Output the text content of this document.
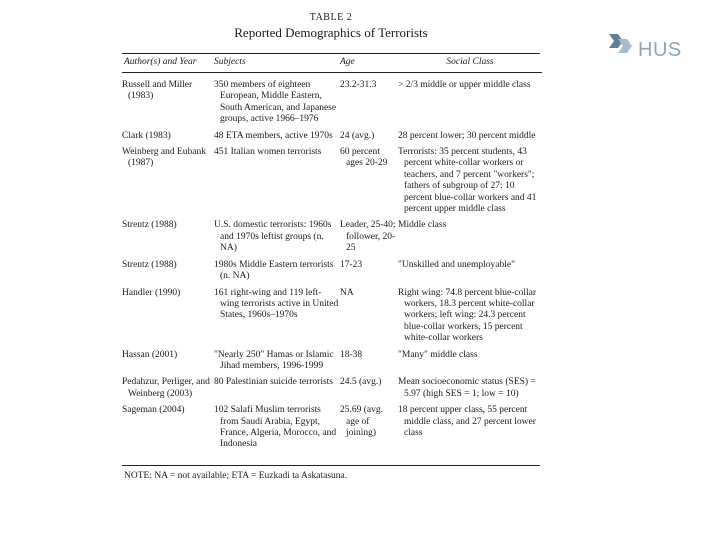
HUS
TABLE 2
Reported Demographics of Terrorists
Author(s) and Year	Subjects	Age	Social Class

Russell and Miller (1983)	350 members of eighteen European, Middle Eastern, South American, and Japanese groups, active 1966–1976	23.2-31.3	> 2/3 middle or upper middle class
Clark (1983)	48 ETA members, active 1970s	24 (avg.)	28 percent lower; 30 percent middle
Weinberg and Eubank (1987)	451 Italian women terrorists	60 percent ages 20-29	Terrorists: 35 percent students, 43 percent white-collar workers or teachers, and 7 percent "workers"; fathers of subgroup of 27: 10 percent blue-collar workers and 41 percent upper middle class
Strentz (1988)	U.S. domestic terrorists: 1960s and 1970s leftist groups (n. NA)	Leader, 25-40; follower, 20-25	Middle class
Strentz (1988)	1980s Middle Eastern terrorists (n. NA)	17-23	"Unskilled and unemployable"
Handler (1990)	161 right-wing and 119 left-wing terrorists active in United States, 1960s–1970s	NA	Right wing: 74.8 percent blue-collar workers, 18.3 percent white-collar workers; left wing: 24.3 percent blue-collar workers, 15 percent white-collar workers
Hassan (2001)	"Nearly 250" Hamas or Islamic Jihad members, 1996-1999	18-38	"Many" middle class
Pedahzur, Perliger, and Weinberg (2003)	80 Palestinian suicide terrorists	24.5 (avg.)	Mean socioeconomic status (SES) = 5.97 (high SES = 1; low = 10)
Sageman (2004)	102 Salafi Muslim terrorists from Saudi Arabia, Egypt, France, Algeria, Morocco, and Indonesia	25.69 (avg. age of joining)	18 percent upper class, 55 percent middle class, and 27 percent lower class
NOTE: NA = not available; ETA = Euzkadi ta Askatasuna.
